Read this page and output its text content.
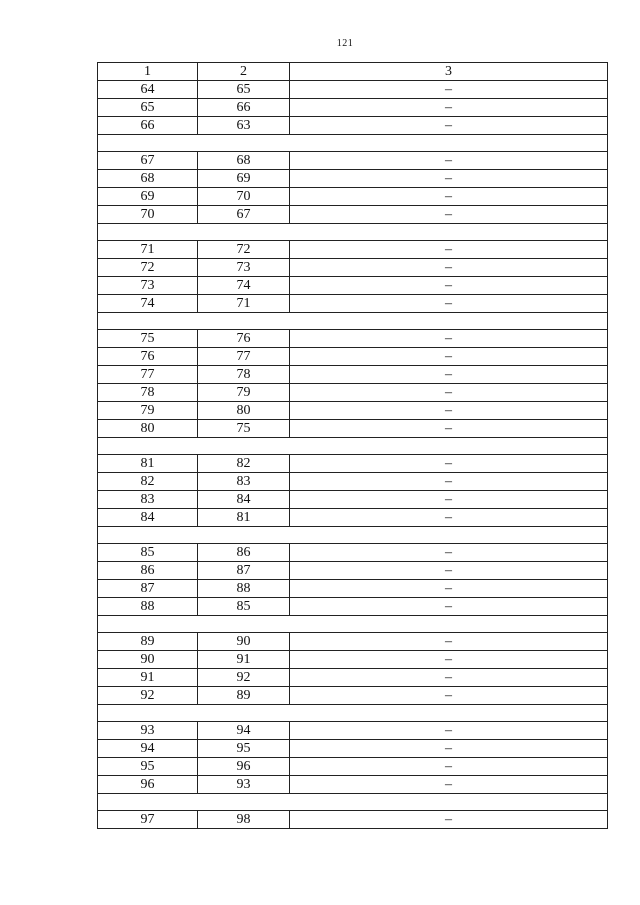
121
1	2	3
64	65	–
65	66	–
66	63	–

67	68	–
68	69	–
69	70	–
70	67	–

71	72	–
72	73	–
73	74	–
74	71	–

75	76	–
76	77	–
77	78	–
78	79	–
79	80	–
80	75	–

81	82	–
82	83	–
83	84	–
84	81	–

85	86	–
86	87	–
87	88	–
88	85	–

89	90	–
90	91	–
91	92	–
92	89	–

93	94	–
94	95	–
95	96	–
96	93	–

97	98	–
